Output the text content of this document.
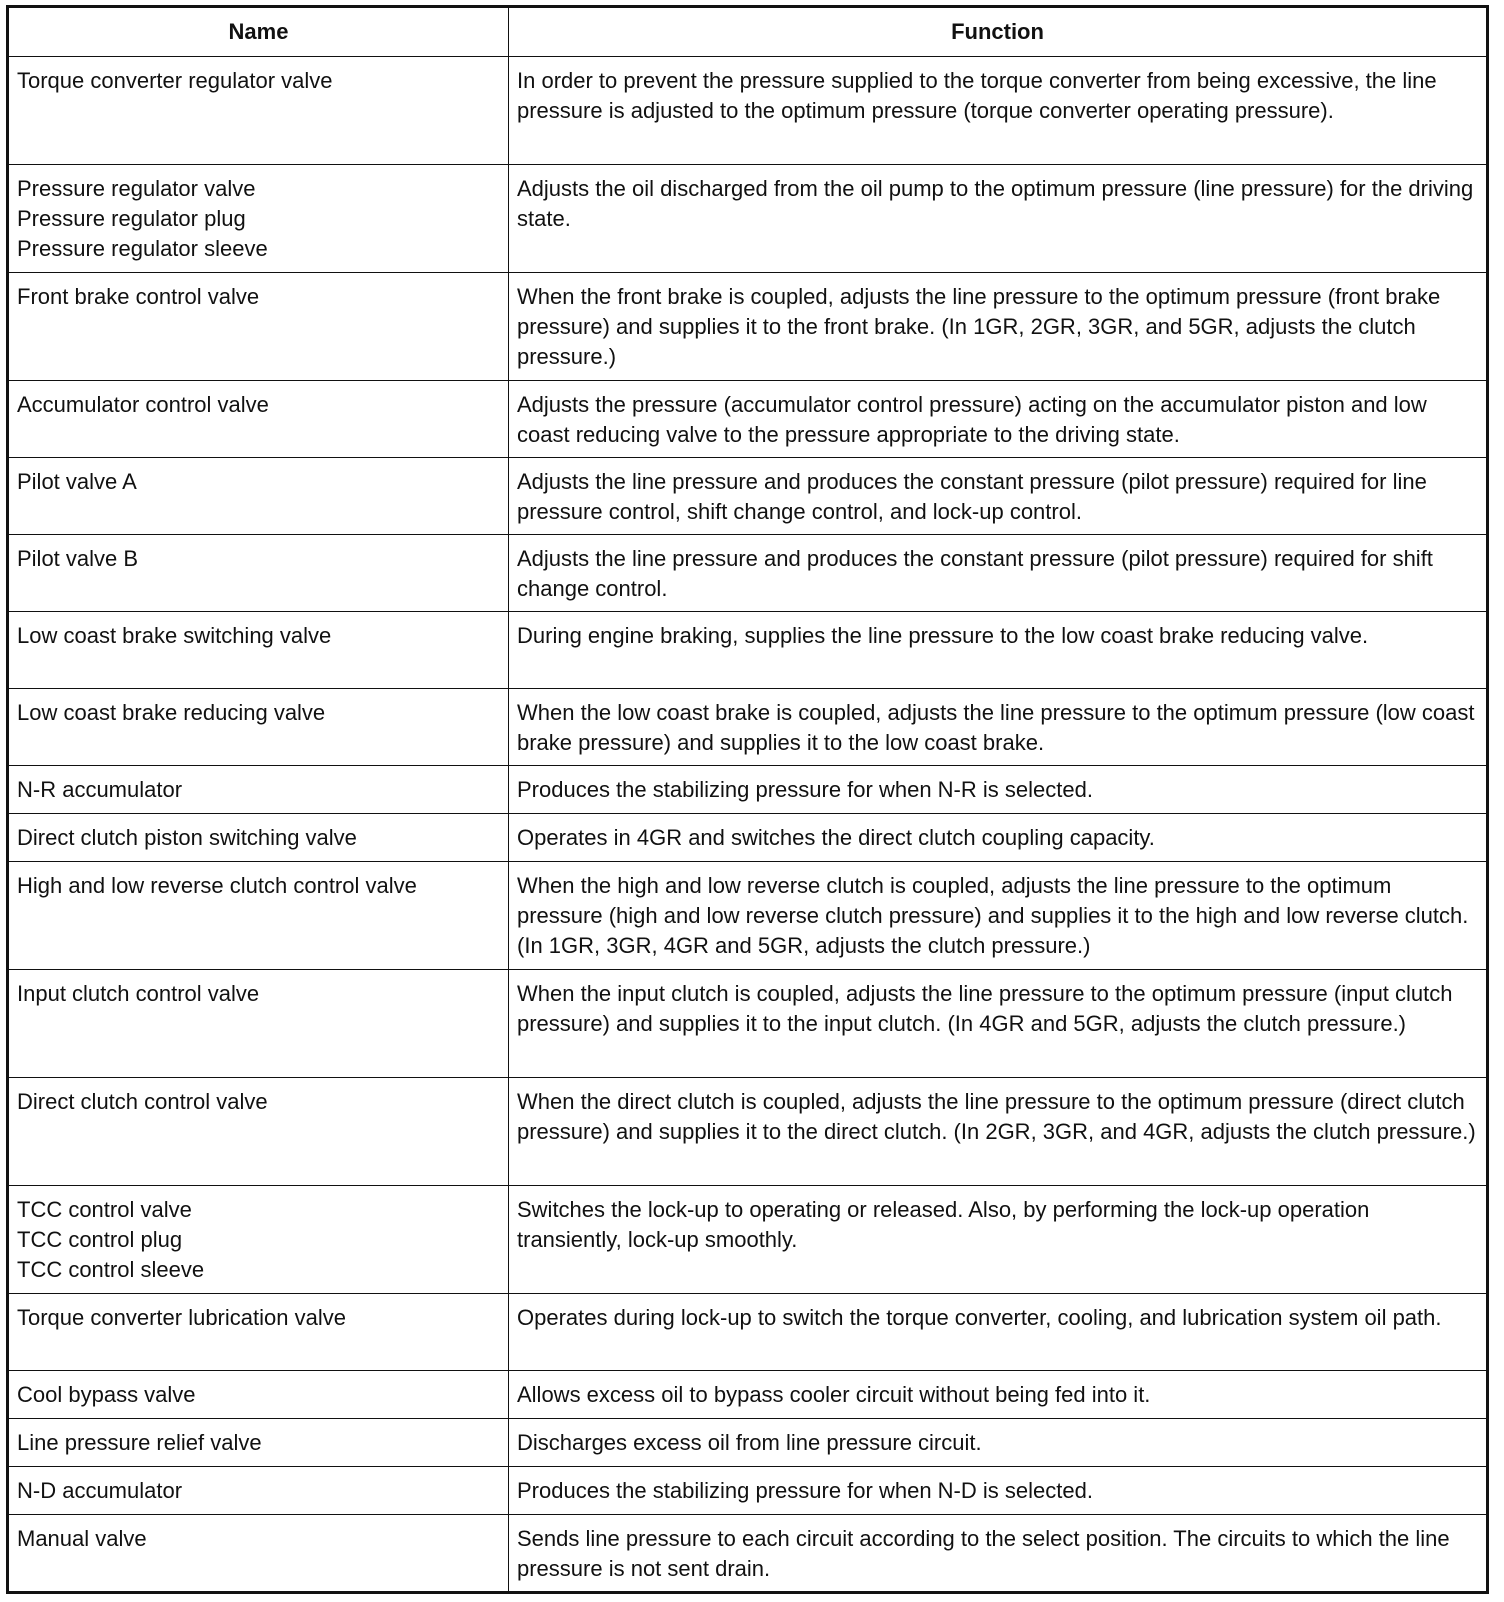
Name	Function
Torque converter regulator valve	In order to prevent the pressure supplied to the torque converter from being excessive, the line pressure is adjusted to the optimum pressure (torque converter operating pressure).
Pressure regulator valve
Pressure regulator plug
Pressure regulator sleeve	Adjusts the oil discharged from the oil pump to the optimum pressure (line pressure) for the driving state.
Front brake control valve	When the front brake is coupled, adjusts the line pressure to the optimum pressure (front brake pressure) and supplies it to the front brake. (In 1GR, 2GR, 3GR, and 5GR, adjusts the clutch pressure.)
Accumulator control valve	Adjusts the pressure (accumulator control pressure) acting on the accumulator piston and low coast reducing valve to the pressure appropriate to the driving state.
Pilot valve A	Adjusts the line pressure and produces the constant pressure (pilot pressure) required for line pressure control, shift change control, and lock-up control.
Pilot valve B	Adjusts the line pressure and produces the constant pressure (pilot pressure) required for shift change control.
Low coast brake switching valve	During engine braking, supplies the line pressure to the low coast brake reducing valve.
Low coast brake reducing valve	When the low coast brake is coupled, adjusts the line pressure to the optimum pressure (low coast brake pressure) and supplies it to the low coast brake.
N-R accumulator	Produces the stabilizing pressure for when N-R is selected.
Direct clutch piston switching valve	Operates in 4GR and switches the direct clutch coupling capacity.
High and low reverse clutch control valve	When the high and low reverse clutch is coupled, adjusts the line pressure to the optimum pressure (high and low reverse clutch pressure) and supplies it to the high and low reverse clutch. (In 1GR, 3GR, 4GR and 5GR, adjusts the clutch pressure.)
Input clutch control valve	When the input clutch is coupled, adjusts the line pressure to the optimum pressure (input clutch pressure) and supplies it to the input clutch. (In 4GR and 5GR, adjusts the clutch pressure.)
Direct clutch control valve	When the direct clutch is coupled, adjusts the line pressure to the optimum pressure (direct clutch pressure) and supplies it to the direct clutch. (In 2GR, 3GR, and 4GR, adjusts the clutch pressure.)
TCC control valve
TCC control plug
TCC control sleeve	Switches the lock-up to operating or released. Also, by performing the lock-up operation transiently, lock-up smoothly.
Torque converter lubrication valve	Operates during lock-up to switch the torque converter, cooling, and lubrication system oil path.
Cool bypass valve	Allows excess oil to bypass cooler circuit without being fed into it.
Line pressure relief valve	Discharges excess oil from line pressure circuit.
N-D accumulator	Produces the stabilizing pressure for when N-D is selected.
Manual valve	Sends line pressure to each circuit according to the select position. The circuits to which the line pressure is not sent drain.
